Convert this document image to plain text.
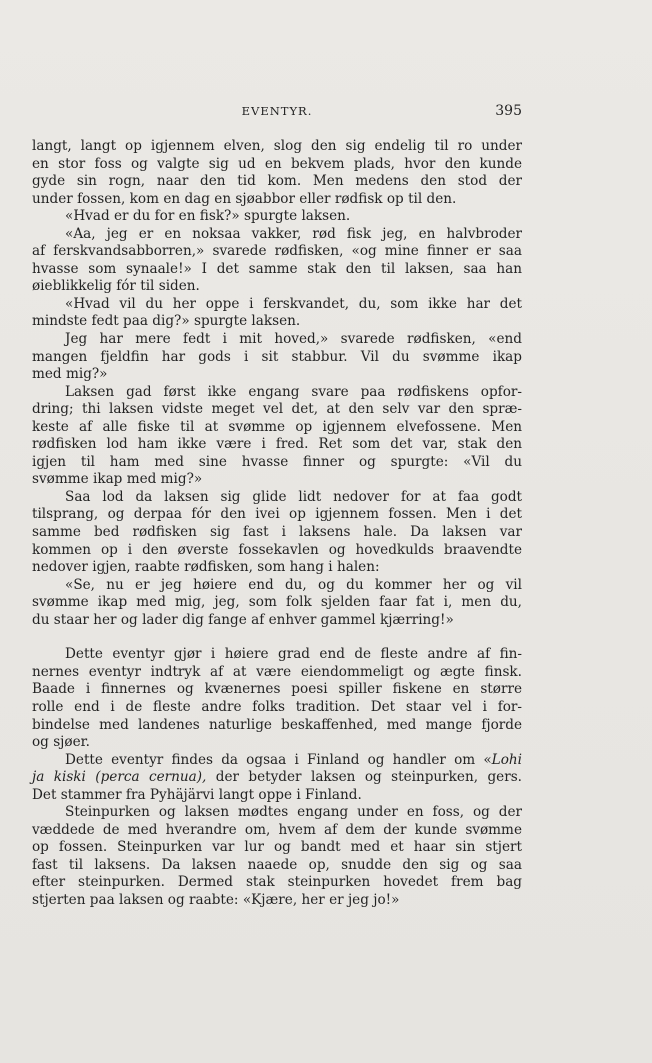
EVENTYR.	395

langt, langt op igjennem elven, slog den sig endelig til ro under

en stor foss og valgte sig ud en bekvem plads, hvor den kunde

gyde sin rogn, naar den tid kom. Men medens den stod der

under fossen, kom en dag en sjøabbor eller rødfisk op til den.

«Hvad er du for en fisk?» spurgte laksen.

«Aa, jeg er en noksaa vakker, rød fisk jeg, en halvbroder

af ferskvandsabborren,» svarede rødfisken, «og mine finner er saa

hvasse som synaale!» I det samme stak den til laksen, saa han

øieblikkelig fór til siden.

«Hvad vil du her oppe i ferskvandet, du, som ikke har det

mindste fedt paa dig?» spurgte laksen.

Jeg har mere fedt i mit hoved,» svarede rødfisken, «end

mangen fjeldfin har gods i sit stabbur. Vil du svømme ikap

med mig?»

Laksen gad først ikke engang svare paa rødfiskens opfor-

dring; thi laksen vidste meget vel det, at den selv var den spræ-

keste af alle fiske til at svømme op igjennem elvefossene. Men

rødfisken lod ham ikke være i fred. Ret som det var, stak den

igjen til ham med sine hvasse finner og spurgte: «Vil du

svømme ikap med mig?»

Saa lod da laksen sig glide lidt nedover for at faa godt

tilsprang, og derpaa fór den ivei op igjennem fossen. Men i det

samme bed rødfisken sig fast i laksens hale. Da laksen var

kommen op i den øverste fossekavlen og hovedkulds braavendte

nedover igjen, raabte rødfisken, som hang i halen:

«Se, nu er jeg høiere end du, og du kommer her og vil

svømme ikap med mig, jeg, som folk sjelden faar fat i, men du,

du staar her og lader dig fange af enhver gammel kjærring!»

Dette eventyr gjør i høiere grad end de fleste andre af fin-

nernes eventyr indtryk af at være eiendommeligt og ægte finsk.

Baade i finnernes og kvænernes poesi spiller fiskene en større

rolle end i de fleste andre folks tradition. Det staar vel i for-

bindelse med landenes naturlige beskaffenhed, med mange fjorde

og sjøer.

Dette eventyr findes da ogsaa i Finland og handler om «Lohi

ja kiski (perca cernua), der betyder laksen og steinpurken, gers.

Det stammer fra Pyhäjärvi langt oppe i Finland.

Steinpurken og laksen mødtes engang under en foss, og der

væddede de med hverandre om, hvem af dem der kunde svømme

op fossen. Steinpurken var lur og bandt med et haar sin stjert

fast til laksens. Da laksen naaede op, snudde den sig og saa

efter steinpurken. Dermed stak steinpurken hovedet frem bag

stjerten paa laksen og raabte: «Kjære, her er jeg jo!»
